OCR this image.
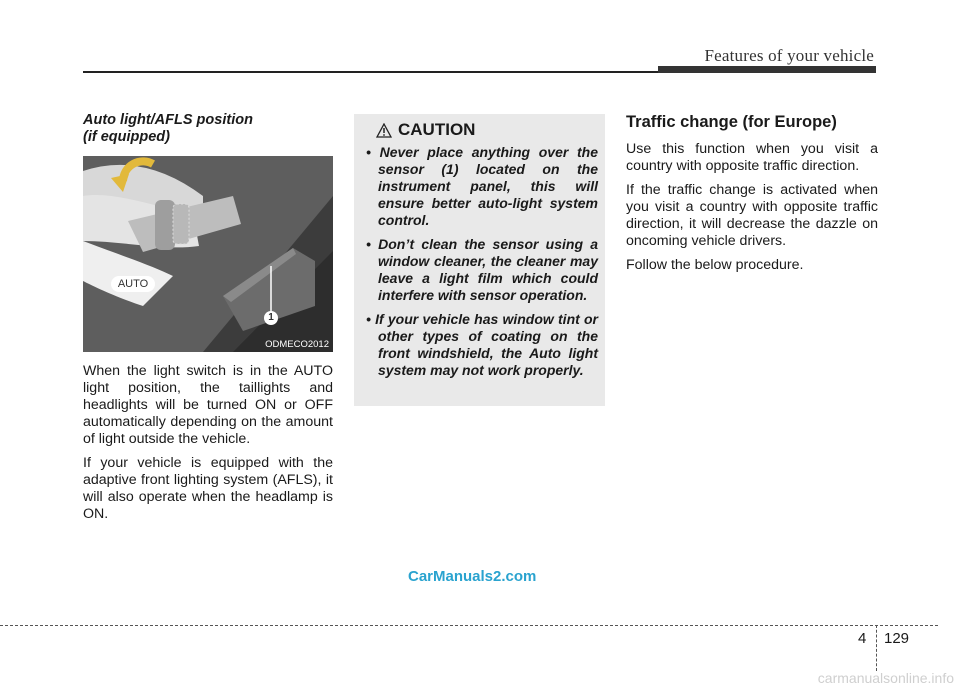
Features of your vehicle
Auto light/AFLS position
(if equipped)
AUTO
1
ODMECO2012

When the light switch is in the AUTO light position, the taillights and headlights will be turned ON or OFF automatically depending on the amount of light outside the vehicle.

If your vehicle is equipped with the adaptive front lighting system (AFLS), it will also operate when the headlamp is ON.

CAUTION
• Never place anything over the sensor (1) located on the instrument panel, this will ensure better auto-light system control.
• Don’t clean the sensor using a window cleaner, the cleaner may leave a light film which could interfere with sensor operation.
• If your vehicle has window tint or other types of coating on the front windshield, the Auto light system may not work properly.
Traffic change (for Europe)

Use this function when you visit a country with opposite traffic direction.

If the traffic change is activated when you visit a country with opposite traffic direction, it will decrease the dazzle on oncoming vehicle drivers.

Follow the below procedure.

CarManuals2.com
4 129
carmanualsonline.info
